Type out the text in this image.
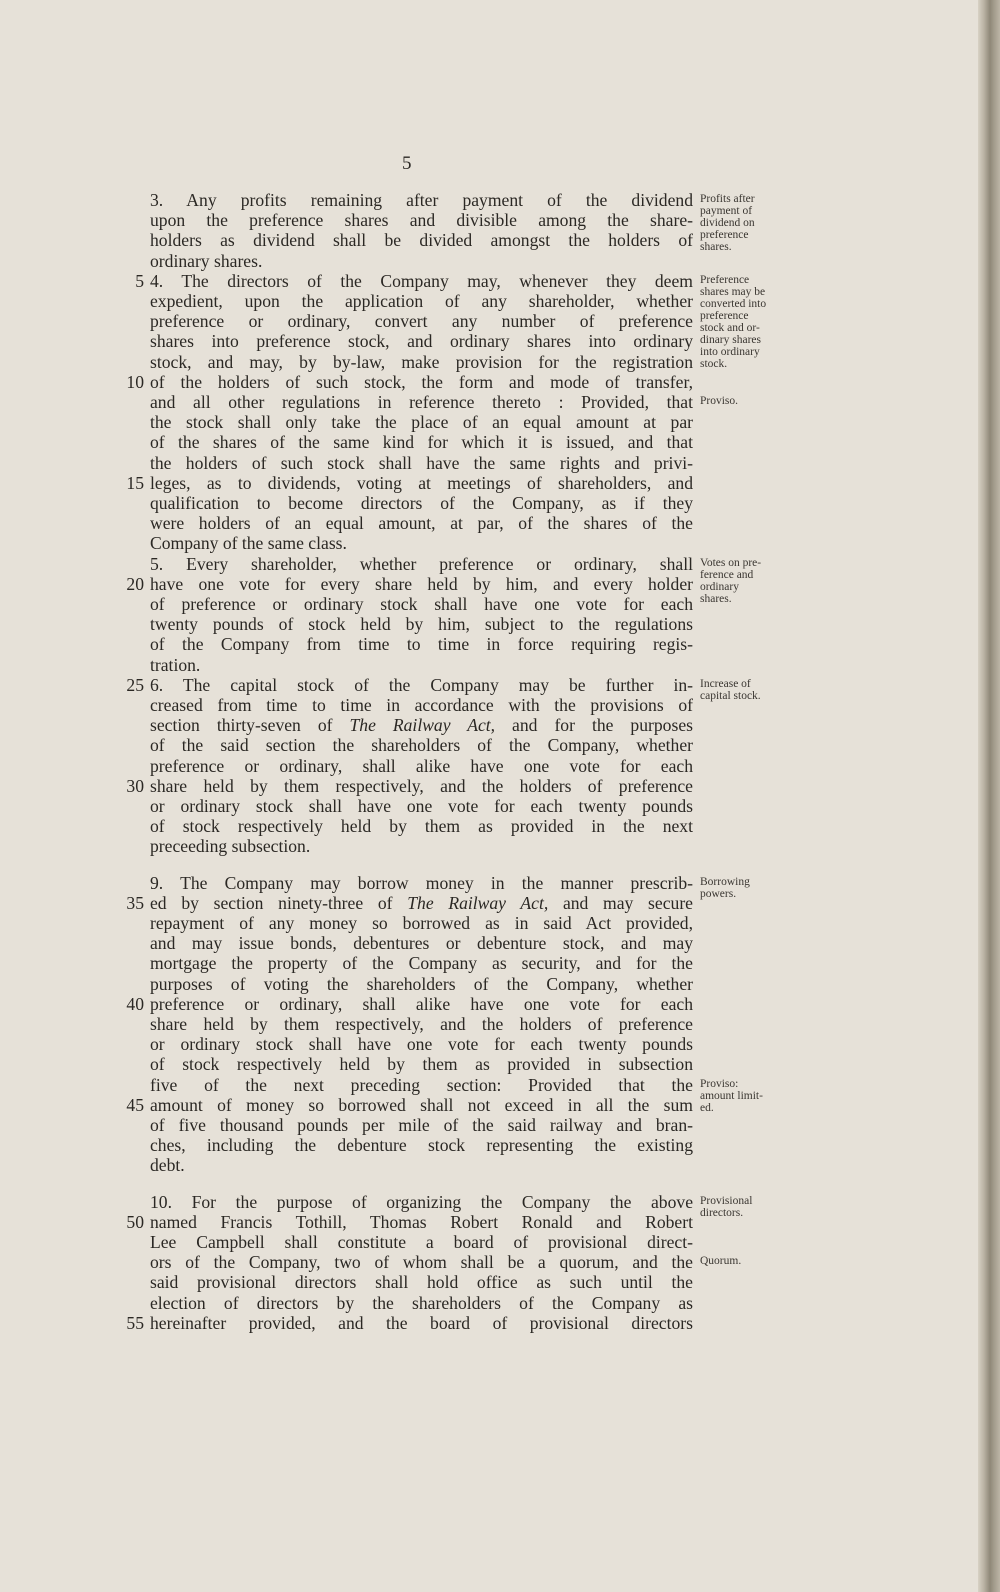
5
3. Any profits remaining after payment of the dividend
upon the preference shares and divisible among the share-
holders as dividend shall be divided amongst the holders of
ordinary shares.
4. The directors of the Company may, whenever they deem
5
expedient, upon the application of any shareholder, whether
preference or ordinary, convert any number of preference
shares into preference stock, and ordinary shares into ordinary
stock, and may, by by-law, make provision for the registration
of the holders of such stock, the form and mode of transfer,
10
and all other regulations in reference thereto : Provided, that
the stock shall only take the place of an equal amount at par
of the shares of the same kind for which it is issued, and that
the holders of such stock shall have the same rights and privi-
leges, as to dividends, voting at meetings of shareholders, and
15
qualification to become directors of the Company, as if they
were holders of an equal amount, at par, of the shares of the
Company of the same class.
5. Every shareholder, whether preference or ordinary, shall
have one vote for every share held by him, and every holder
20
of preference or ordinary stock shall have one vote for each
twenty pounds of stock held by him, subject to the regulations
of the Company from time to time in force requiring regis-
tration.
6. The capital stock of the Company may be further in-
25
creased from time to time in accordance with the provisions of
section thirty-seven of The Railway Act, and for the purposes
of the said section the shareholders of the Company, whether
preference or ordinary, shall alike have one vote for each
share held by them respectively, and the holders of preference
30
or ordinary stock shall have one vote for each twenty pounds
of stock respectively held by them as provided in the next
preceeding subsection.
9. The Company may borrow money in the manner prescrib-
ed by section ninety-three of The Railway Act, and may secure
35
repayment of any money so borrowed as in said Act provided,
and may issue bonds, debentures or debenture stock, and may
mortgage the property of the Company as security, and for the
purposes of voting the shareholders of the Company, whether
preference or ordinary, shall alike have one vote for each
40
share held by them respectively, and the holders of preference
or ordinary stock shall have one vote for each twenty pounds
of stock respectively held by them as provided in subsection
five of the next preceding section: Provided that the
amount of money so borrowed shall not exceed in all the sum
45
of five thousand pounds per mile of the said railway and bran-
ches, including the debenture stock representing the existing
debt.
10. For the purpose of organizing the Company the above
named Francis Tothill, Thomas Robert Ronald and Robert
50
Lee Campbell shall constitute a board of provisional direct-
ors of the Company, two of whom shall be a quorum, and the
said provisional directors shall hold office as such until the
election of directors by the shareholders of the Company as
hereinafter provided, and the board of provisional directors
55
Profits after
payment of
dividend on
preference
shares.
Preference
shares may be
converted into
preference
stock and or-
dinary shares
into ordinary
stock.
Proviso.
Votes on pre-
ference and
ordinary
shares.
Increase of
capital stock.
Borrowing
powers.
Proviso:
amount limit-
ed.
Provisional
directors.
Quorum.
